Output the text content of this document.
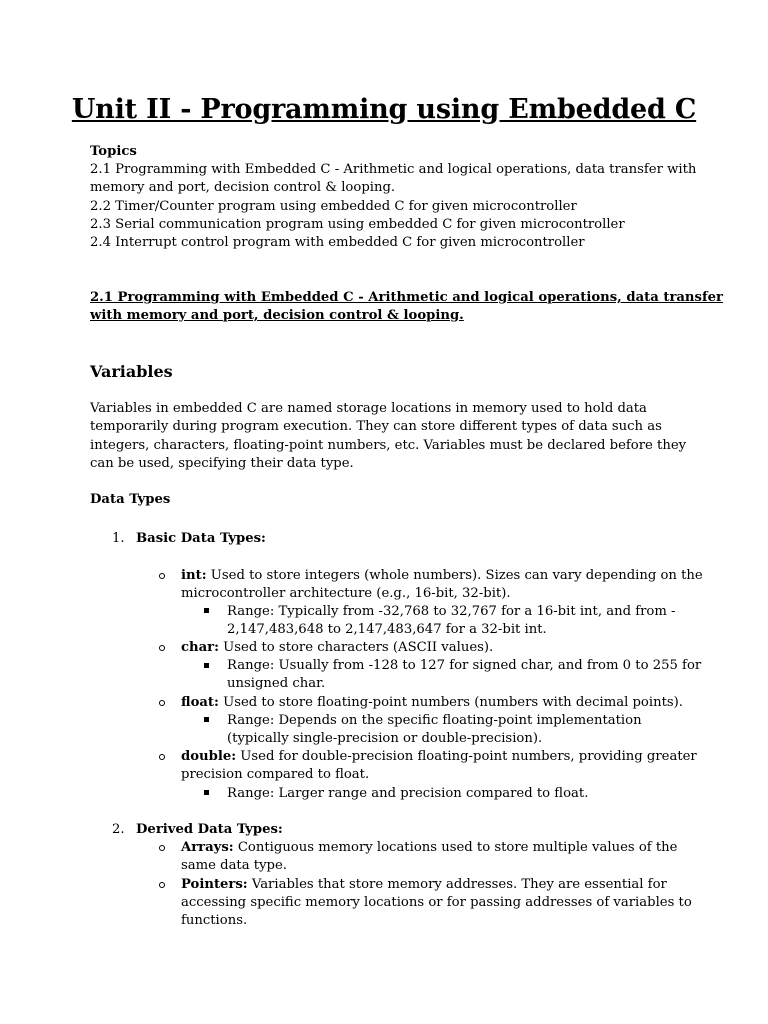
Unit II - Programming using Embedded C
Topics
2.1 Programming with Embedded C - Arithmetic and logical operations, data transfer with
memory and port, decision control & looping.
2.2 Timer/Counter program using embedded C for given microcontroller
2.3 Serial communication program using embedded C for given microcontroller
2.4 Interrupt control program with embedded C for given microcontroller
2.1 Programming with Embedded C - Arithmetic and logical operations, data transfer
with memory and port, decision control & looping.
Variables
Variables in embedded C are named storage locations in memory used to hold data
temporarily during program execution. They can store different types of data such as
integers, characters, floating-point numbers, etc. Variables must be declared before they
can be used, specifying their data type.
Data Types
1. Basic Data Types:
int: Used to store integers (whole numbers). Sizes can vary depending on the
microcontroller architecture (e.g., 16-bit, 32-bit).
Range: Typically from -32,768 to 32,767 for a 16-bit int, and from -
2,147,483,648 to 2,147,483,647 for a 32-bit int.
char: Used to store characters (ASCII values).
Range: Usually from -128 to 127 for signed char, and from 0 to 255 for
unsigned char.
float: Used to store floating-point numbers (numbers with decimal points).
Range: Depends on the specific floating-point implementation
(typically single-precision or double-precision).
double: Used for double-precision floating-point numbers, providing greater
precision compared to float.
Range: Larger range and precision compared to float.
2. Derived Data Types:
Arrays: Contiguous memory locations used to store multiple values of the
same data type.
Pointers: Variables that store memory addresses. They are essential for
accessing specific memory locations or for passing addresses of variables to
functions.
